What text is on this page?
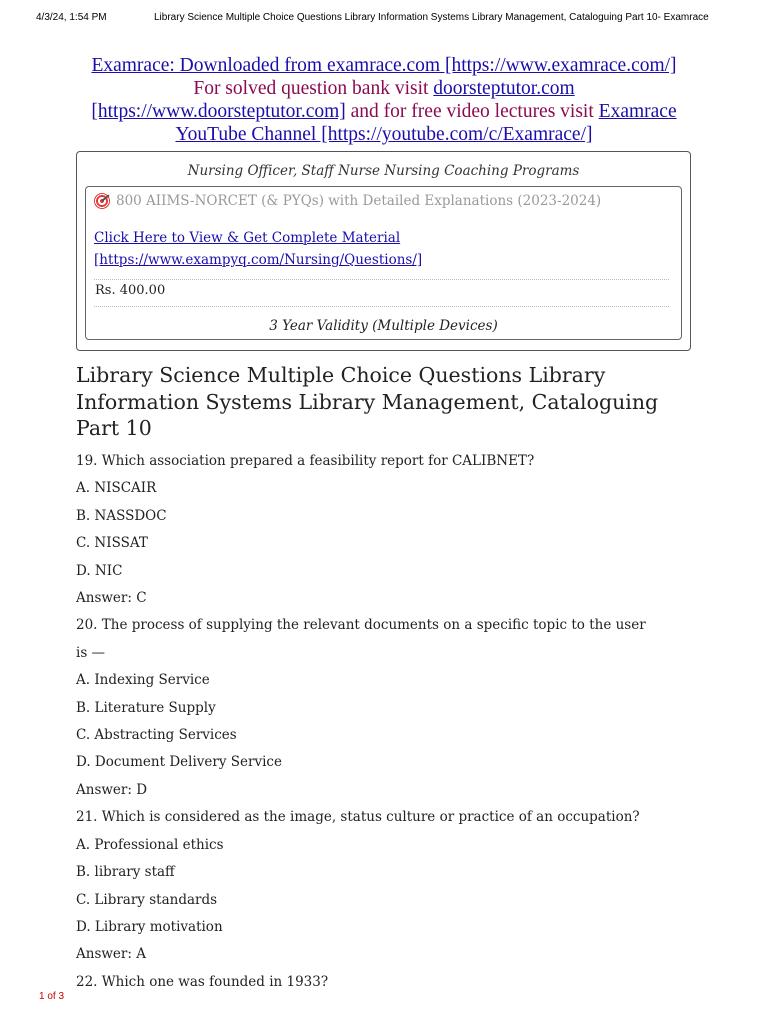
4/3/24, 1:54 PM	Library Science Multiple Choice Questions Library Information Systems Library Management, Cataloguing Part 10- Examrace
Examrace: Downloaded from examrace.com [https://www.examrace.com/]
For solved question bank visit doorsteptutor.com
[https://www.doorsteptutor.com] and for free video lectures visit Examrace
YouTube Channel [https://youtube.com/c/Examrace/]
Nursing Officer, Staff Nurse Nursing Coaching Programs
800 AIIMS-NORCET (& PYQs) with Detailed Explanations (2023-2024)
Click Here to View & Get Complete Material
[https://www.exampyq.com/Nursing/Questions/]
Rs. 400.00
3 Year Validity (Multiple Devices)
Library Science Multiple Choice Questions Library Information Systems Library Management, Cataloguing Part 10

19. Which association prepared a feasibility report for CALIBNET?

A. NISCAIR

B. NASSDOC

C. NISSAT

D. NIC

Answer: C

20. The process of supplying the relevant documents on a specific topic to the user

is —

A. Indexing Service

B. Literature Supply

C. Abstracting Services

D. Document Delivery Service

Answer: D

21. Which is considered as the image, status culture or practice of an occupation?

A. Professional ethics

B. library staff

C. Library standards

D. Library motivation

Answer: A

22. Which one was founded in 1933?

1 of 3
